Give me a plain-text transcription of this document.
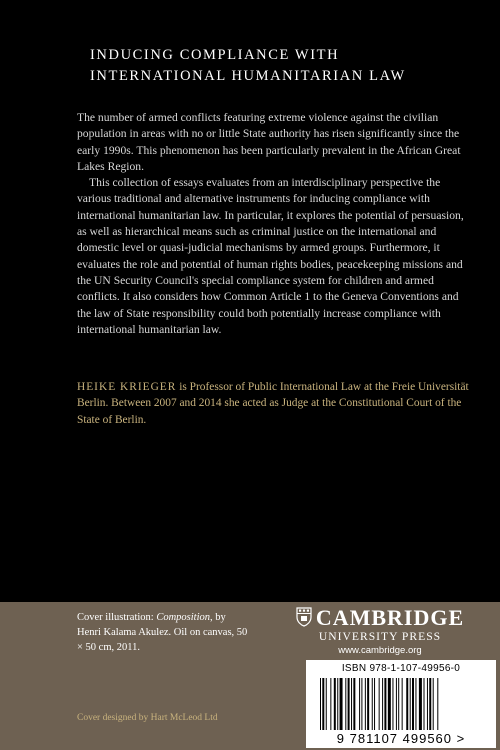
INDUCING COMPLIANCE WITH
INTERNATIONAL HUMANITARIAN LAW

The number of armed conflicts featuring extreme violence against the civilian population in areas with no or little State authority has risen significantly since the early 1990s. This phenomenon has been particularly prevalent in the African Great Lakes Region.

This collection of essays evaluates from an interdisciplinary perspective the various traditional and alternative instruments for inducing compliance with international humanitarian law. In particular, it explores the potential of persuasion, as well as hierarchical means such as criminal justice on the international and domestic level or quasi-judicial mechanisms by armed groups. Furthermore, it evaluates the role and potential of human rights bodies, peacekeeping missions and the UN Security Council's special compliance system for children and armed conflicts. It also considers how Common Article 1 to the Geneva Conventions and the law of State responsibility could both potentially increase compliance with international humanitarian law.

HEIKE KRIEGER is Professor of Public International Law at the Freie Universität Berlin. Between 2007 and 2014 she acted as Judge at the Constitutional Court of the State of Berlin.
Cover illustration: Composition, by Henri Kalama Akulez. Oil on canvas, 50 × 50 cm, 2011.
Cover designed by Hart McLeod Ltd
CAMBRIDGE
UNIVERSITY PRESS
www.cambridge.org
ISBN 978-1-107-49956-0
9 781107 499560 >
